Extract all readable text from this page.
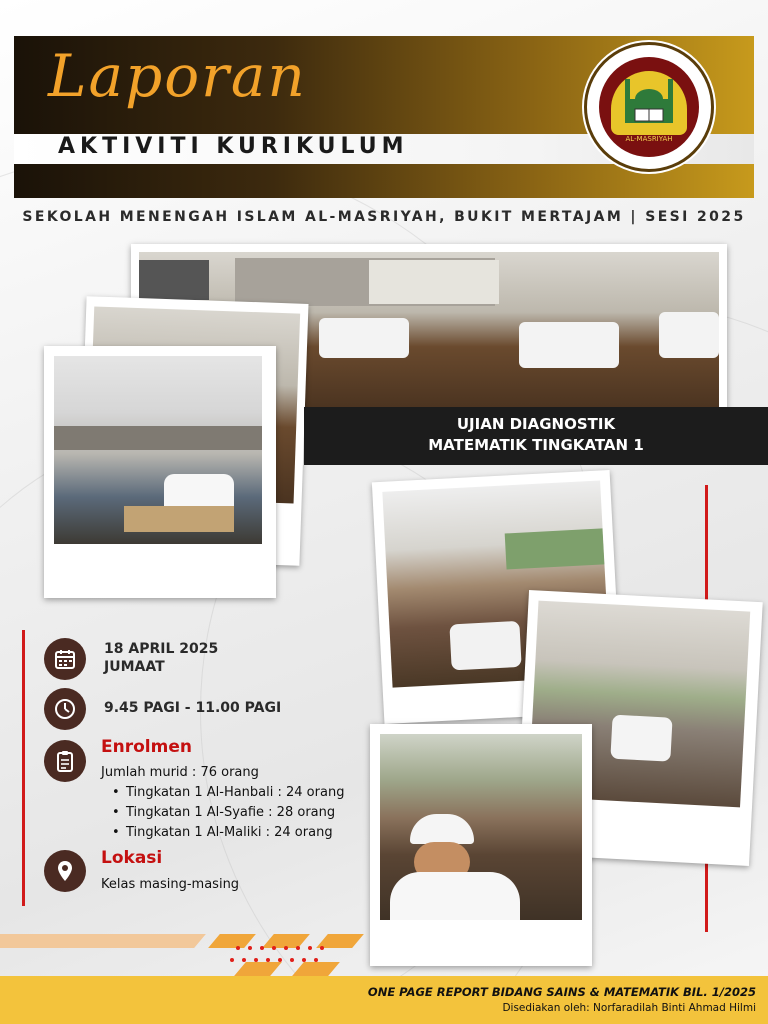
Laporan
AKTIVITI KURIKULUM	AL-MASRIYAH
SEKOLAH MENENGAH ISLAM AL-MASRIYAH, BUKIT MERTAJAM | SESI 2025
UJIAN DIAGNOSTIK
MATEMATIK TINGKATAN 1
18 APRIL 2025
JUMAAT
9.45 PAGI - 11.00 PAGI
Enrolmen
Jumlah murid : 76 orang
• Tingkatan 1 Al-Hanbali : 24 orang
• Tingkatan 1 Al-Syafie : 28 orang
• Tingkatan 1 Al-Maliki : 24 orang
Lokasi
Kelas masing-masing
ONE PAGE REPORT BIDANG SAINS & MATEMATIK BIL. 1/2025
Disediakan oleh: Norfaradilah Binti Ahmad Hilmi
